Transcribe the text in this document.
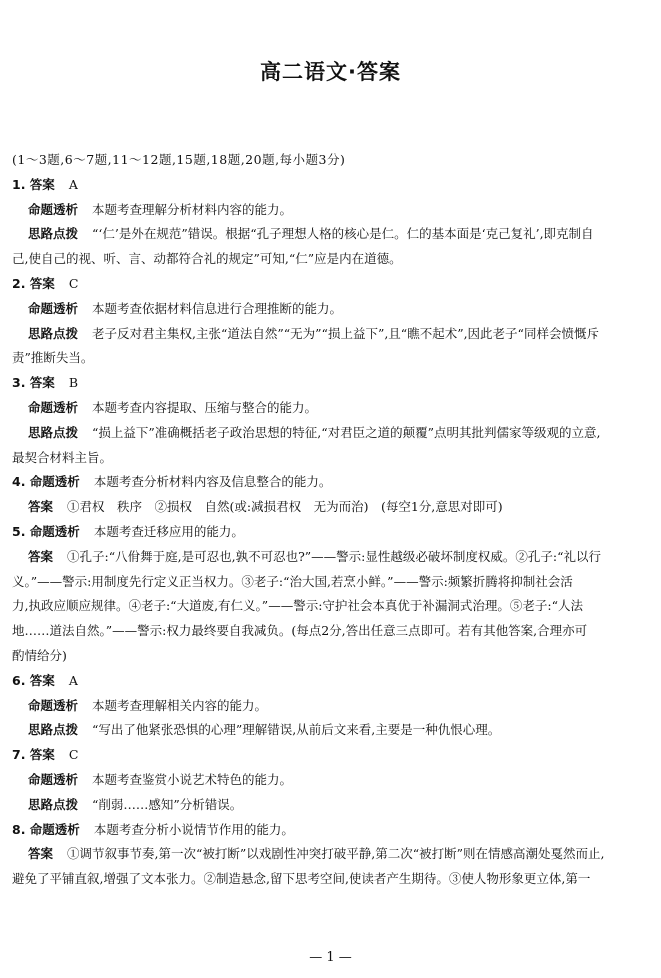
高二语文·答案
(1～3题,6～7题,11～12题,15题,18题,20题,每小题3分)
1. 答案 A
命题透析 本题考查理解分析材料内容的能力。
思路点拨 “‘仁’是外在规范”错误。根据“孔子理想人格的核心是仁。仁的基本面是‘克己复礼’,即克制自
己,使自己的视、听、言、动都符合礼的规定”可知,“仁”应是内在道德。
2. 答案 C
命题透析 本题考查依据材料信息进行合理推断的能力。
思路点拨 老子反对君主集权,主张“道法自然”“无为”“损上益下”,且“瞧不起术”,因此老子“同样会愤慨斥
责”推断失当。
3. 答案 B
命题透析 本题考查内容提取、压缩与整合的能力。
思路点拨 “损上益下”准确概括老子政治思想的特征,“对君臣之道的颠覆”点明其批判儒家等级观的立意,
最契合材料主旨。
4. 命题透析 本题考查分析材料内容及信息整合的能力。
答案 ①君权　秩序　②损权　自然(或:减损君权　无为而治)　(每空1分,意思对即可)
5. 命题透析 本题考查迁移应用的能力。
答案 ①孔子:“八佾舞于庭,是可忍也,孰不可忍也?”——警示:显性越级必破坏制度权威。②孔子:“礼以行
义。”——警示:用制度先行定义正当权力。③老子:“治大国,若烹小鲜。”——警示:频繁折腾将抑制社会活
力,执政应顺应规律。④老子:“大道废,有仁义。”——警示:守护社会本真优于补漏洞式治理。⑤老子:“人法
地……道法自然。”——警示:权力最终要自我减负。(每点2分,答出任意三点即可。若有其他答案,合理亦可
酌情给分)
6. 答案 A
命题透析 本题考查理解相关内容的能力。
思路点拨 “写出了他紧张恐惧的心理”理解错误,从前后文来看,主要是一种仇恨心理。
7. 答案 C
命题透析 本题考查鉴赏小说艺术特色的能力。
思路点拨 “削弱……感知”分析错误。
8. 命题透析 本题考查分析小说情节作用的能力。
答案 ①调节叙事节奏,第一次“被打断”以戏剧性冲突打破平静,第二次“被打断”则在情感高潮处戛然而止,
避免了平铺直叙,增强了文本张力。②制造悬念,留下思考空间,使读者产生期待。③使人物形象更立体,第一
— 1 —
